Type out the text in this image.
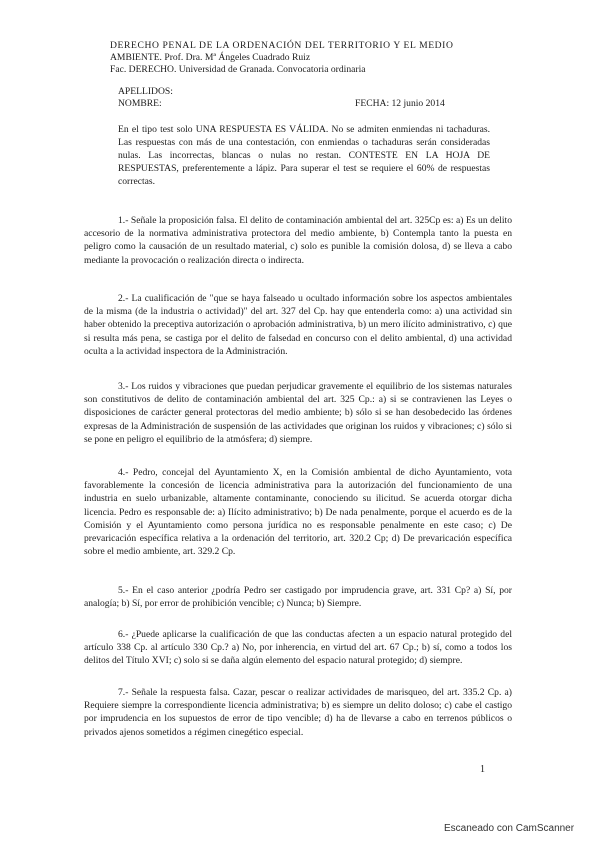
DERECHO PENAL DE LA ORDENACIÓN DEL TERRITORIO Y EL MEDIO
AMBIENTE. Prof. Dra. Mª Ángeles Cuadrado Ruiz
Fac. DERECHO. Universidad de Granada. Convocatoria ordinaria
APELLIDOS:
NOMBRE:	FECHA: 12 junio 2014
En el tipo test solo UNA RESPUESTA ES VÁLIDA. No se admiten enmiendas ni tachaduras. Las respuestas con más de una contestación, con enmiendas o tachaduras serán consideradas nulas. Las incorrectas, blancas o nulas no restan. CONTESTE EN LA HOJA DE RESPUESTAS, preferentemente a lápiz. Para superar el test se requiere el 60% de respuestas correctas.
1.- Señale la proposición falsa. El delito de contaminación ambiental del art. 325Cp es: a) Es un delito accesorio de la normativa administrativa protectora del medio ambiente, b) Contempla tanto la puesta en peligro como la causación de un resultado material, c) solo es punible la comisión dolosa, d) se lleva a cabo mediante la provocación o realización directa o indirecta.
2.- La cualificación de "que se haya falseado u ocultado información sobre los aspectos ambientales de la misma (de la industria o actividad)" del art. 327 del Cp. hay que entenderla como: a) una actividad sin haber obtenido la preceptiva autorización o aprobación administrativa, b) un mero ilícito administrativo, c) que si resulta más pena, se castiga por el delito de falsedad en concurso con el delito ambiental, d) una actividad oculta a la actividad inspectora de la Administración.
3.- Los ruidos y vibraciones que puedan perjudicar gravemente el equilibrio de los sistemas naturales son constitutivos de delito de contaminación ambiental del art. 325 Cp.: a) si se contravienen las Leyes o disposiciones de carácter general protectoras del medio ambiente; b) sólo si se han desobedecido las órdenes expresas de la Administración de suspensión de las actividades que originan los ruidos y vibraciones; c) sólo si se pone en peligro el equilibrio de la atmósfera; d) siempre.
4.- Pedro, concejal del Ayuntamiento X, en la Comisión ambiental de dicho Ayuntamiento, vota favorablemente la concesión de licencia administrativa para la autorización del funcionamiento de una industria en suelo urbanizable, altamente contaminante, conociendo su ilicitud. Se acuerda otorgar dicha licencia. Pedro es responsable de: a) Ilícito administrativo; b) De nada penalmente, porque el acuerdo es de la Comisión y el Ayuntamiento como persona jurídica no es responsable penalmente en este caso; c) De prevaricación específica relativa a la ordenación del territorio, art. 320.2 Cp; d) De prevaricación específica sobre el medio ambiente, art. 329.2 Cp.
5.- En el caso anterior ¿podría Pedro ser castigado por imprudencia grave, art. 331 Cp? a) Sí, por analogía; b) Sí, por error de prohibición vencible; c) Nunca; b) Siempre.
6.- ¿Puede aplicarse la cualificación de que las conductas afecten a un espacio natural protegido del artículo 338 Cp. al artículo 330 Cp.? a) No, por inherencia, en virtud del art. 67 Cp.; b) sí, como a todos los delitos del Título XVI; c) solo si se daña algún elemento del espacio natural protegido; d) siempre.
7.- Señale la respuesta falsa. Cazar, pescar o realizar actividades de marisqueo, del art. 335.2 Cp. a) Requiere siempre la correspondiente licencia administrativa; b) es siempre un delito doloso; c) cabe el castigo por imprudencia en los supuestos de error de tipo vencible; d) ha de llevarse a cabo en terrenos públicos o privados ajenos sometidos a régimen cinegético especial.
1
Escaneado con CamScanner
